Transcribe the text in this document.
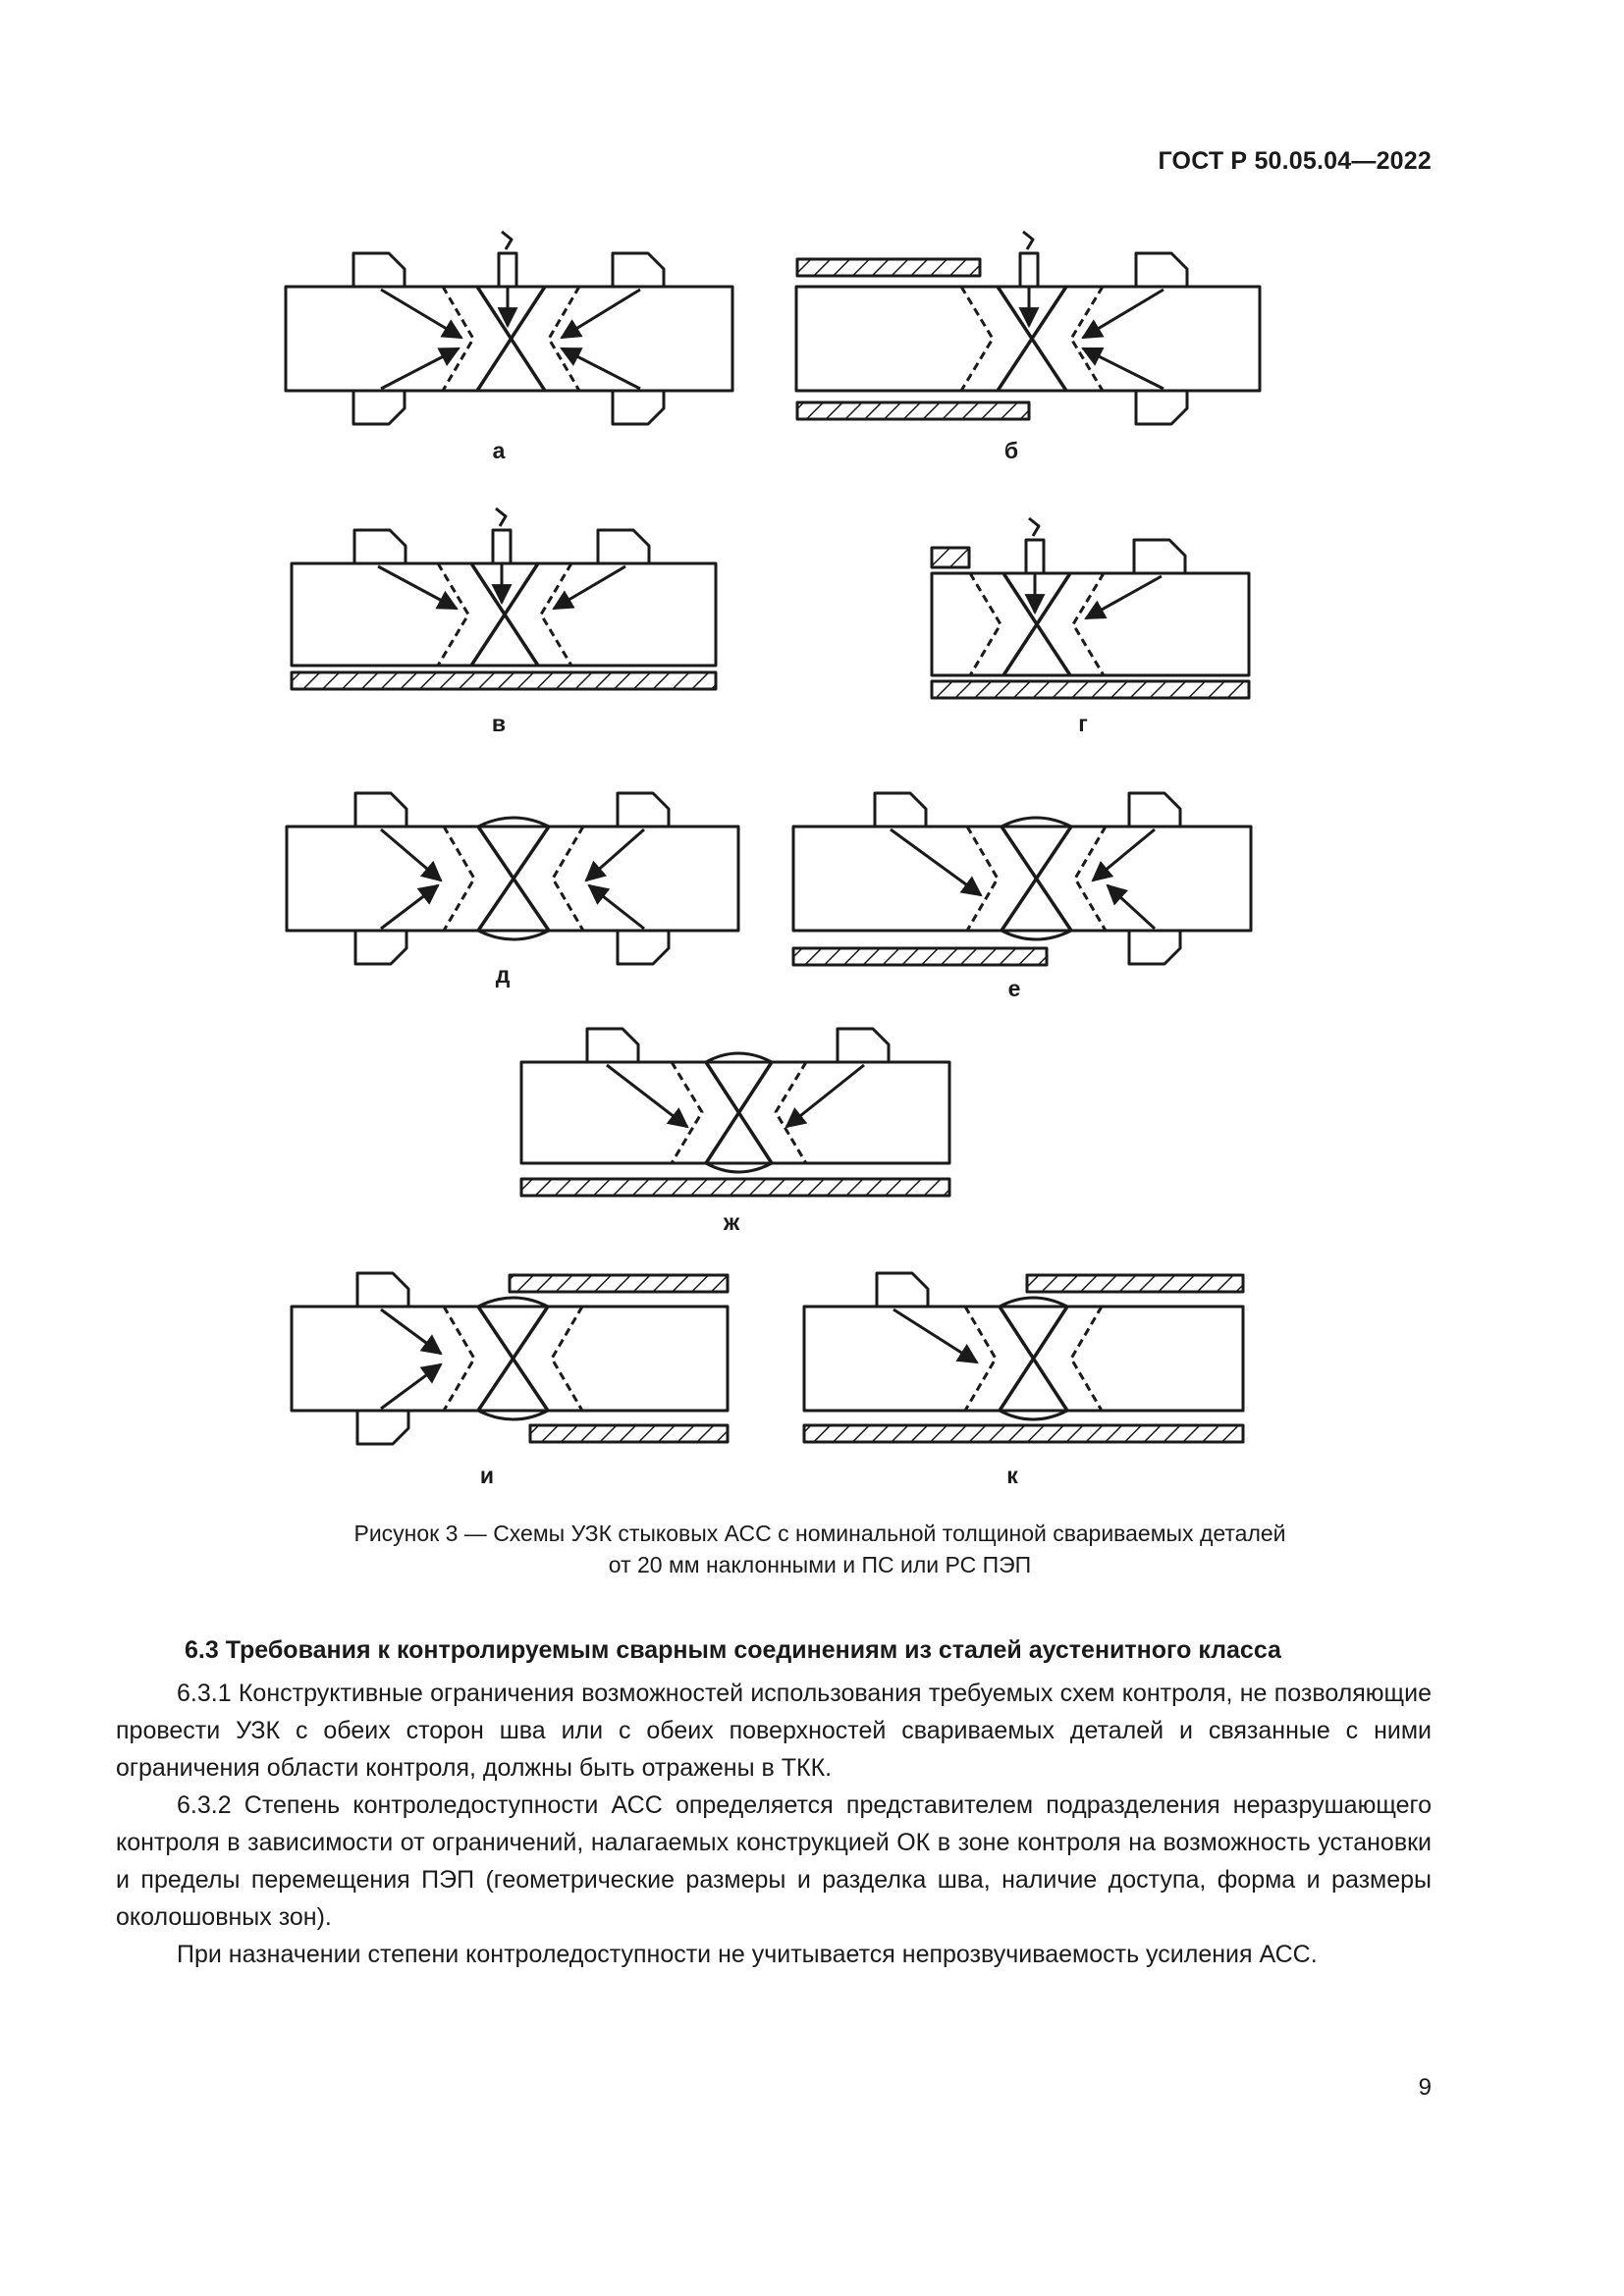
ГОСТ Р 50.05.04—2022
а	б
в	г
д
е
ж
и	к
Рисунок 3 — Схемы УЗК стыковых АСС с номинальной толщиной свариваемых деталей
от 20 мм наклонными и ПС или РС ПЭП
6.3 Требования к контролируемым сварным соединениям из сталей аустенитного класса

6.3.1 Конструктивные ограничения возможностей использования требуемых схем контроля, не позволяющие провести УЗК с обеих сторон шва или с обеих поверхностей свариваемых деталей и связанные с ними ограничения области контроля, должны быть отражены в ТКК.

6.3.2 Степень контроледоступности АСС определяется представителем подразделения неразрушающего контроля в зависимости от ограничений, налагаемых конструкцией ОК в зоне контроля на возможность установки и пределы перемещения ПЭП (геометрические размеры и разделка шва, наличие доступа, форма и размеры околошовных зон).

При назначении степени контроледоступности не учитывается непрозвучиваемость усиления АСС.

9
